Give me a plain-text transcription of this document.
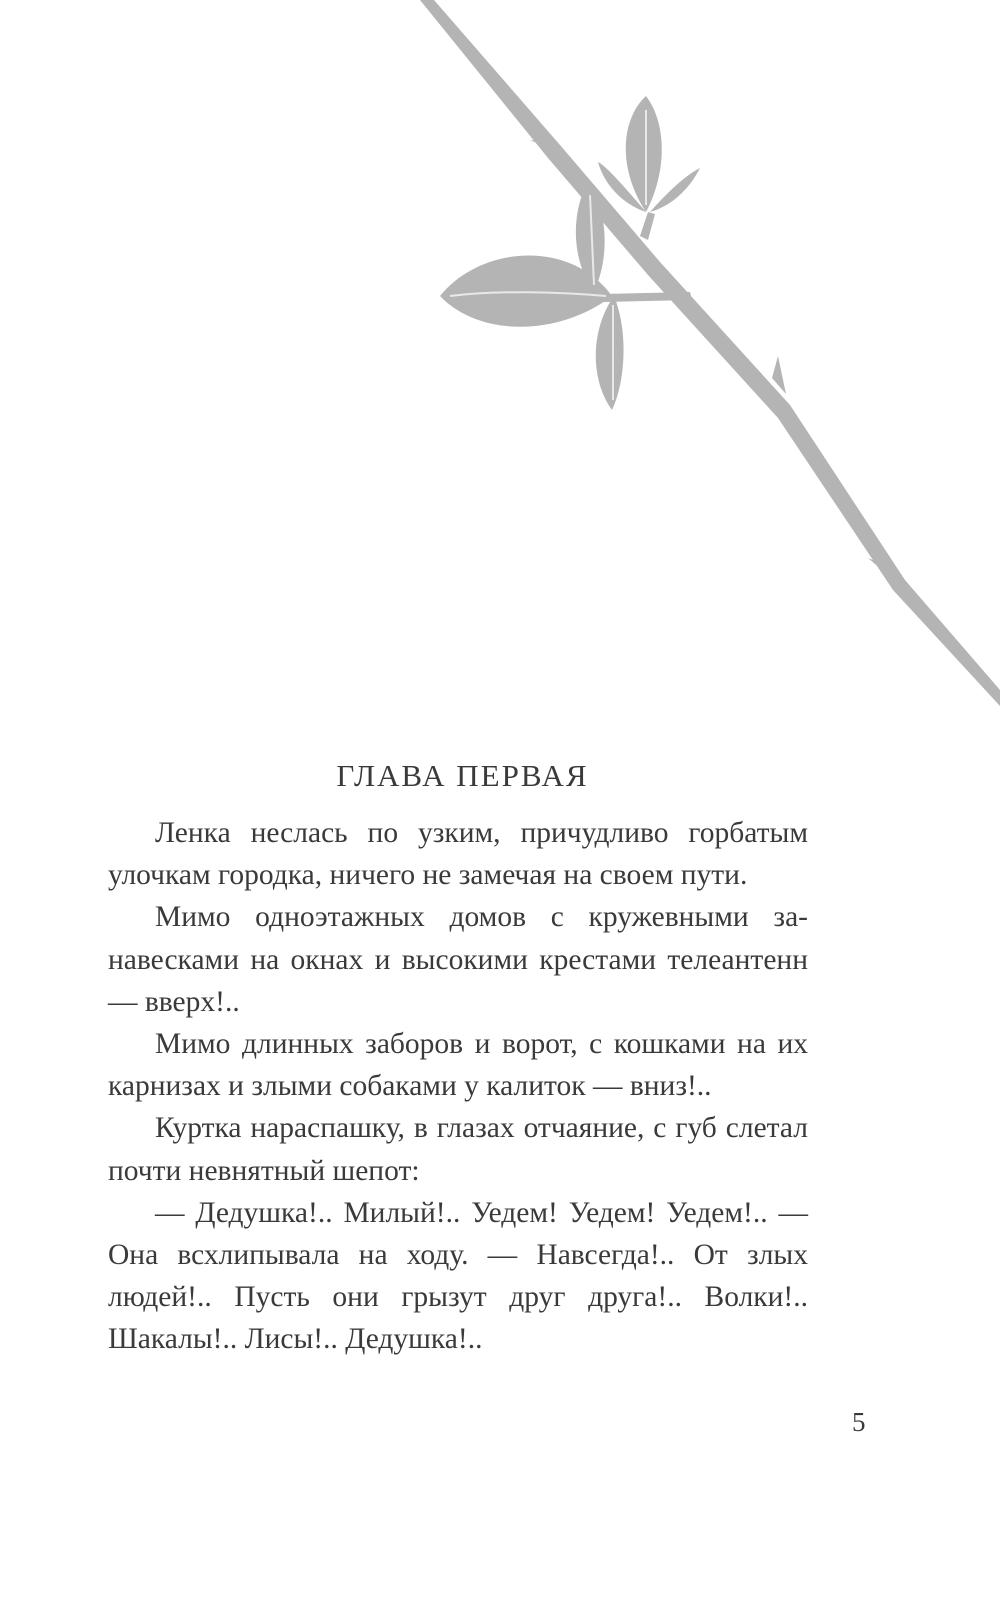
ГЛАВА ПЕРВАЯ

Ленка неслась по узким, причудливо горбатым улочкам городка, ничего не замечая на своем пути.

Мимо одноэтажных домов с кружевными занавесками на окнах и высокими крестами телеантенн — вверх!..

Мимо длинных заборов и ворот, с кошками на их карнизах и злыми собаками у калиток — вниз!..

Куртка нараспашку, в глазах отчаяние, с губ слетал почти невнятный шепот:

— Дедушка!.. Милый!.. Уедем! Уедем! Уедем!.. — Она всхлипывала на ходу. — Навсегда!.. От злых людей!.. Пусть они грызут друг друга!.. Волки!.. Шакалы!.. Лисы!.. Дедушка!..

5
